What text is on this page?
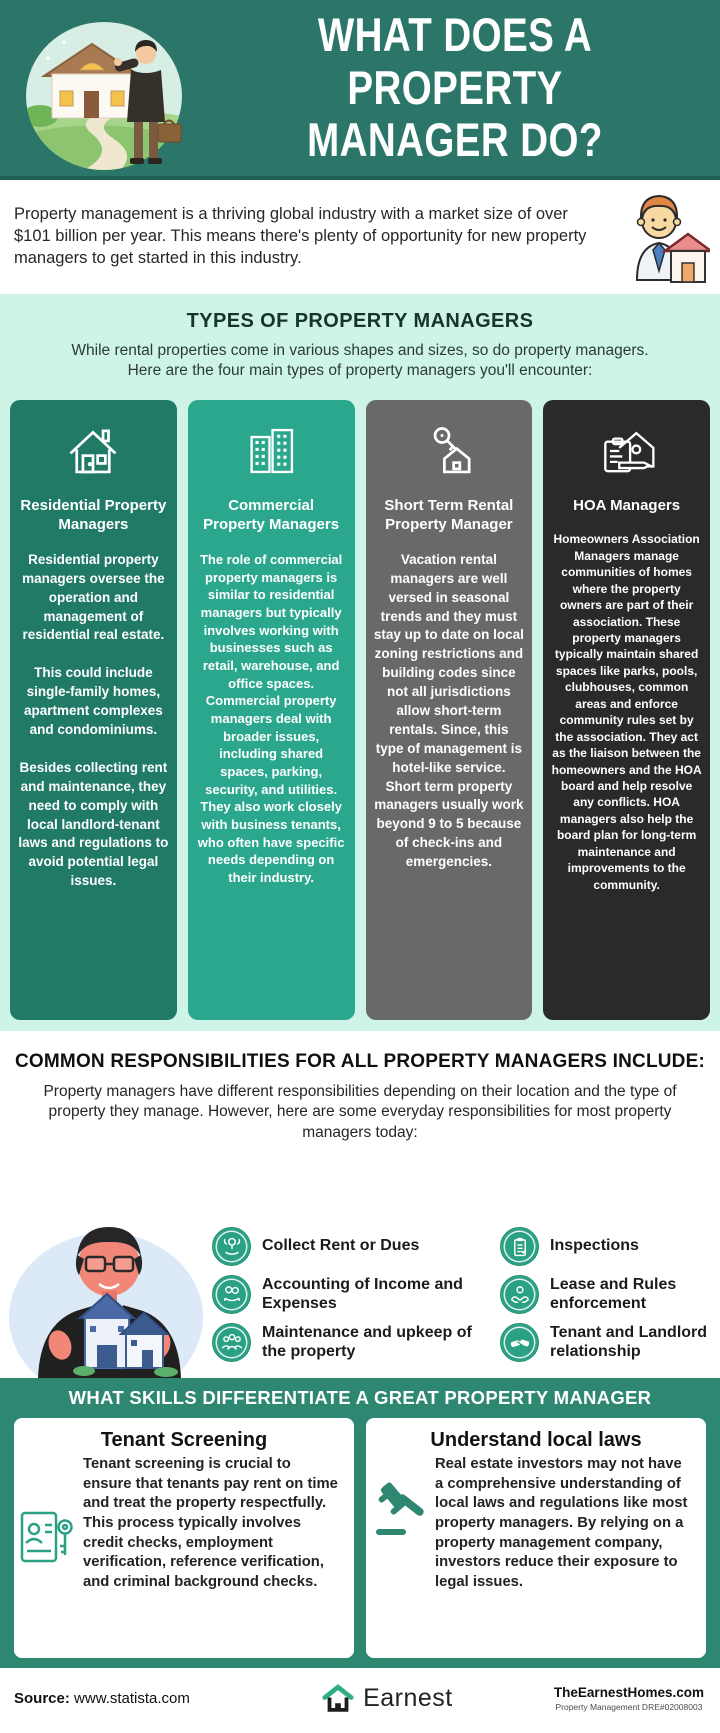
WHAT DOES A PROPERTY
MANAGER DO?

Property management is a thriving global industry with a market size of over $101 billion per year. This means there's plenty of opportunity for new property managers to get started in this industry.

TYPES OF PROPERTY MANAGERS
While rental properties come in various shapes and sizes, so do property managers.
Here are the four main types of property managers you'll encounter:
Residential Property Managers

Residential property managers oversee the operation and management of residential real estate.

This could include single-family homes, apartment complexes and condominiums.

Besides collecting rent and maintenance, they need to comply with local landlord-tenant laws and regulations to avoid potential legal issues.

Commercial Property Managers

The role of commercial property managers is similar to residential managers but typically involves working with businesses such as retail, warehouse, and office spaces. Commercial property managers deal with broader issues, including shared spaces, parking, security, and utilities. They also work closely with business tenants, who often have specific needs depending on their industry.

Short Term Rental Property Manager

Vacation rental managers are well versed in seasonal trends and they must stay up to date on local zoning restrictions and building codes since not all jurisdictions allow short-term rentals. Since, this type of management is hotel-like service. Short term property managers usually work beyond 9 to 5 because of check-ins and emergencies.

HOA Managers

Homeowners Association Managers manage communities of homes where the property owners are part of their association. These property managers typically maintain shared spaces like parks, pools, clubhouses, common areas and enforce community rules set by the association. They act as the liaison between the homeowners and the HOA board and help resolve any conflicts. HOA managers also help the board plan for long-term maintenance and improvements to the community.

COMMON RESPONSIBILITIES FOR ALL PROPERTY MANAGERS INCLUDE:

Property managers have different responsibilities depending on their location and the type of property they manage. However, here are some everyday responsibilities for most property managers today:

Collect Rent or Dues	Inspections
Accounting of Income and Expenses
Lease and Rules enforcement
Maintenance and upkeep of the property
Tenant and Landlord relationship
WHAT SKILLS DIFFERENTIATE A GREAT PROPERTY MANAGER
Tenant Screening

Tenant screening is crucial to ensure that tenants pay rent on time and treat the property respectfully. This process typically involves credit checks, employment verification, reference verification, and criminal background checks.

Understand local laws

Real estate investors may not have a comprehensive understanding of local laws and regulations like most property managers. By relying on a property management company, investors reduce their exposure to legal issues.

Source: www.statista.com	Earnest	TheEarnestHomes.com
Property Management DRE#02008003
